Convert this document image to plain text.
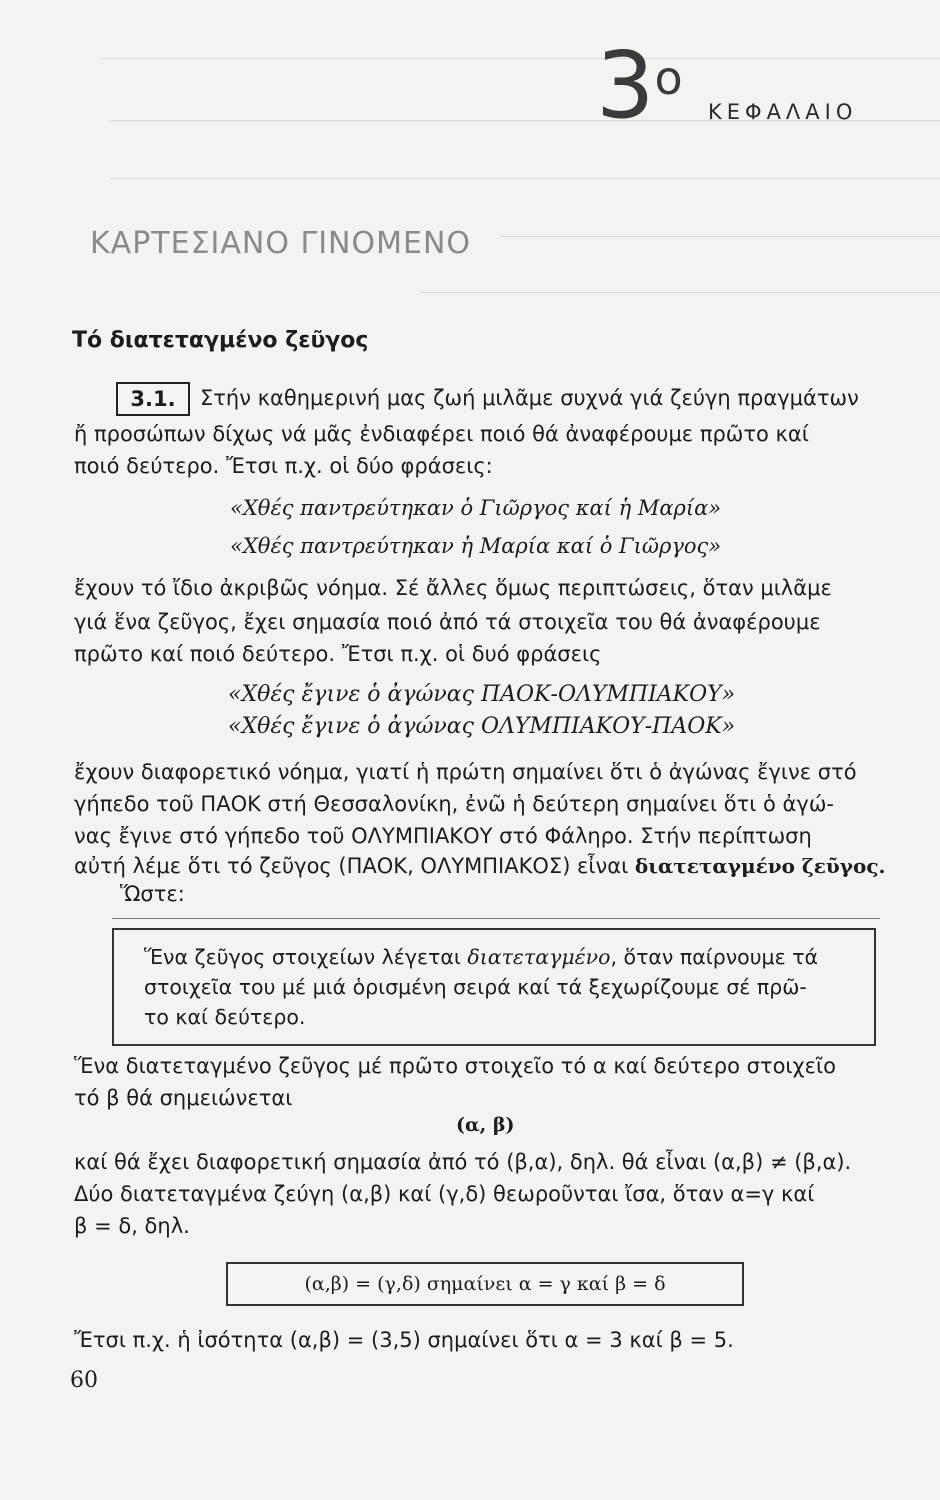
$3^o$
ΚΕΦΑΛΑΙΟ
ΚΑΡΤΕΣΙΑΝΟ ΓΙΝΟΜΕΝΟ
Τό διατεταγμένο ζεῦγος
3.1.	Στήν καθημερινή μας ζωή μιλᾶμε συχνά γιά ζεύγη πραγμάτων
ἤ προσώπων δίχως νά μᾶς ἐνδιαφέρει ποιό θά ἀναφέρουμε πρῶτο καί
ποιό δεύτερο. Ἔτσι π.χ. οἱ δύο φράσεις:
«Χθές παντρεύτηκαν ὁ Γιῶργος καί ἡ Μαρία»
«Χθές παντρεύτηκαν ἡ Μαρία καί ὁ Γιῶργος»
ἔχουν τό ἴδιο ἀκριβῶς νόημα. Σέ ἄλλες ὅμως περιπτώσεις, ὅταν μιλᾶμε
γιά ἕνα ζεῦγος, ἔχει σημασία ποιό ἀπό τά στοιχεῖα του θά ἀναφέρουμε
πρῶτο καί ποιό δεύτερο. Ἔτσι π.χ. οἱ δυό φράσεις
«Χθές ἔγινε ὁ ἀγώνας ΠΑΟΚ-ΟΛΥΜΠΙΑΚΟΥ»
«Χθές ἔγινε ὁ ἀγώνας ΟΛΥΜΠΙΑΚΟΥ-ΠΑΟΚ»
ἔχουν διαφορετικό νόημα, γιατί ἡ πρώτη σημαίνει ὅτι ὁ ἀγώνας ἔγινε στό
γήπεδο τοῦ ΠΑΟΚ στή Θεσσαλονίκη, ἐνῶ ἡ δεύτερη σημαίνει ὅτι ὁ ἀγώ-
νας ἔγινε στό γήπεδο τοῦ ΟΛΥΜΠΙΑΚΟΥ στό Φάληρο. Στήν περίπτωση
αὐτή λέμε ὅτι τό ζεῦγος (ΠΑΟΚ, ΟΛΥΜΠΙΑΚΟΣ) εἶναι διατεταγμένο ζεῦγος.
Ὥστε:
Ἕνα ζεῦγος στοιχείων λέγεται διατεταγμένο, ὅταν παίρνουμε τά
στοιχεῖα του μέ μιά ὁρισμένη σειρά καί τά ξεχωρίζουμε σέ πρῶ-
το καί δεύτερο.
Ἕνα διατεταγμένο ζεῦγος μέ πρῶτο στοιχεῖο τό α καί δεύτερο στοιχεῖο
τό β θά σημειώνεται
(α, β)
καί θά ἔχει διαφορετική σημασία ἀπό τό (β,α), δηλ. θά εἶναι (α,β) ≠ (β,α).
Δύο διατεταγμένα ζεύγη (α,β) καί (γ,δ) θεωροῦνται ἴσα, ὅταν α=γ καί
β = δ, δηλ.
(α,β) = (γ,δ) σημαίνει α = γ καί β = δ
Ἔτσι π.χ. ἡ ἰσότητα (α,β) = (3,5) σημαίνει ὅτι α = 3 καί β = 5.
60
